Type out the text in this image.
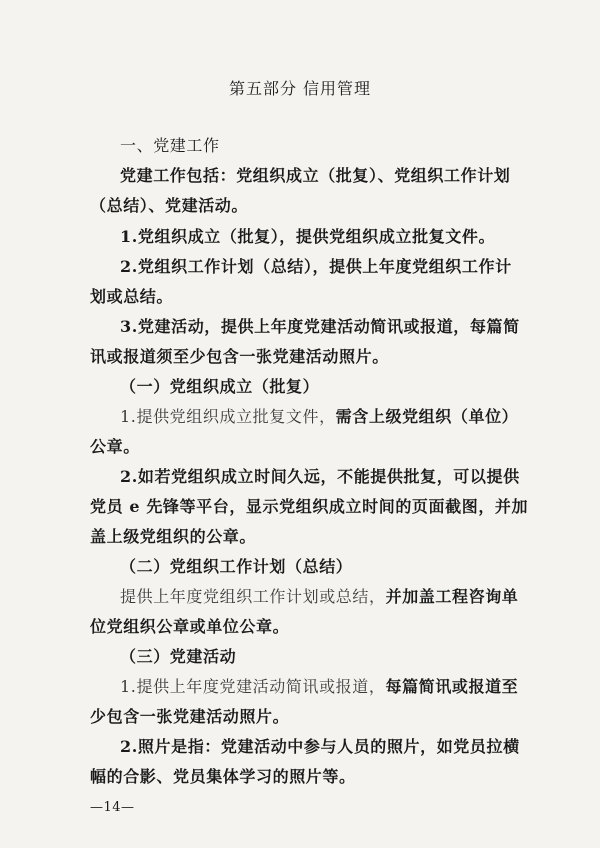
第五部分 信用管理
一、党建工作
党建工作包括：党组织成立（批复）、党组织工作计划
（总结）、党建活动。
1.党组织成立（批复），提供党组织成立批复文件。
2.党组织工作计划（总结），提供上年度党组织工作计
划或总结。
3.党建活动，提供上年度党建活动简讯或报道，每篇简
讯或报道须至少包含一张党建活动照片。
（一）党组织成立（批复）
1.提供党组织成立批复文件，需含上级党组织（单位）
公章。
2.如若党组织成立时间久远，不能提供批复，可以提供
党员 e 先锋等平台，显示党组织成立时间的页面截图，并加
盖上级党组织的公章。
（二）党组织工作计划（总结）
提供上年度党组织工作计划或总结，并加盖工程咨询单
位党组织公章或单位公章。
（三）党建活动
1.提供上年度党建活动简讯或报道，每篇简讯或报道至
少包含一张党建活动照片。
2.照片是指：党建活动中参与人员的照片，如党员拉横
幅的合影、党员集体学习的照片等。
—14—
